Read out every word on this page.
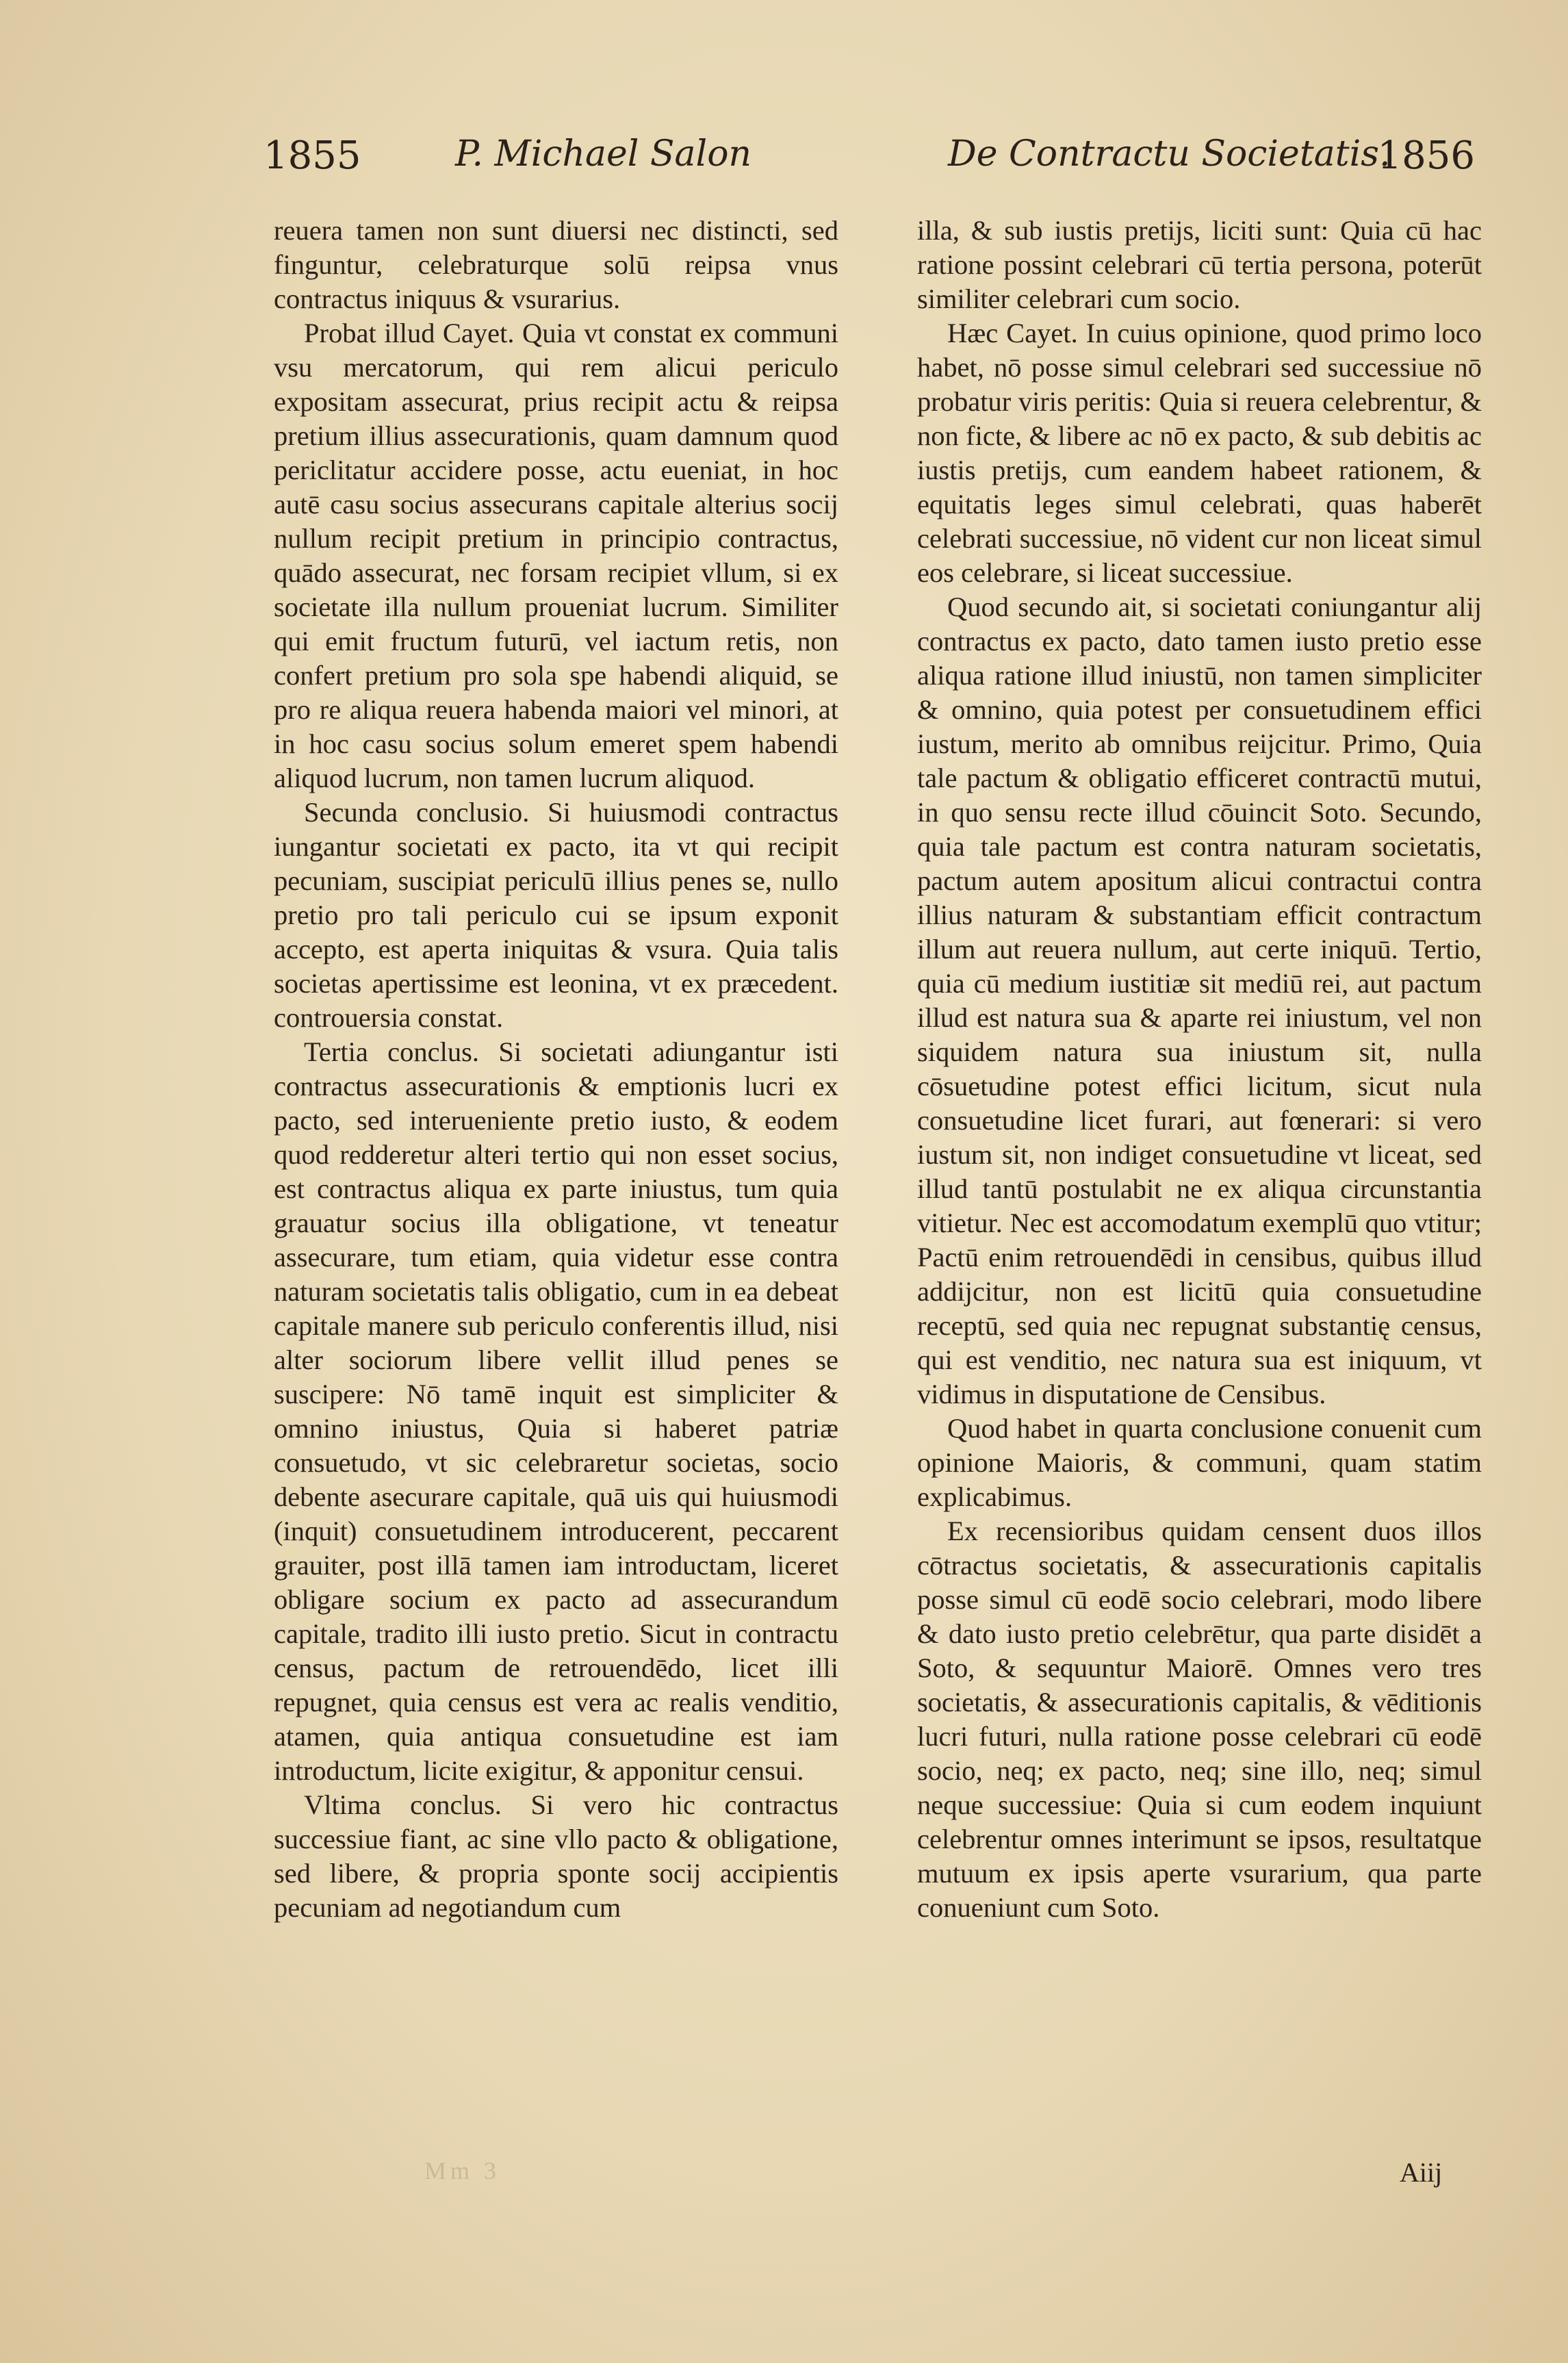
1855	P. Michael Salon	De Contractu Societatis.
1856

reuera tamen non sunt diuersi nec distincti, sed finguntur, celebraturque solū reipsa vnus contractus iniquus & vsurarius.

Probat illud Cayet. Quia vt constat ex communi vsu mercatorum, qui rem alicui periculo expositam assecurat, prius recipit actu & reipsa pretium illius assecurationis, quam damnum quod periclitatur accidere posse, actu eueniat, in hoc autē casu socius assecurans capitale alterius socij nullum recipit pretium in principio contractus, quādo assecurat, nec forsam recipiet vllum, si ex societate illa nullum proueniat lucrum. Similiter qui emit fructum futurū, vel iactum retis, non confert pretium pro sola spe habendi aliquid, se pro re aliqua reuera habenda maiori vel minori, at in hoc casu socius solum emeret spem habendi aliquod lucrum, non tamen lucrum aliquod.

Secunda conclusio. Si huiusmodi contractus iungantur societati ex pacto, ita vt qui recipit pecuniam, suscipiat periculū illius penes se, nullo pretio pro tali periculo cui se ipsum exponit accepto, est aperta iniquitas & vsura. Quia talis societas apertissime est leonina, vt ex præcedent. controuersia constat.

Tertia conclus. Si societati adiungantur isti contractus assecurationis & emptionis lucri ex pacto, sed interueniente pretio iusto, & eodem quod redderetur alteri tertio qui non esset socius, est contractus aliqua ex parte iniustus, tum quia grauatur socius illa obligatione, vt teneatur assecurare, tum etiam, quia videtur esse contra naturam societatis talis obligatio, cum in ea debeat capitale manere sub periculo conferentis illud, nisi alter sociorum libere vellit illud penes se suscipere: Nō tamē inquit est simpliciter & omnino iniustus, Quia si haberet patriæ consuetudo, vt sic celebraretur societas, socio debente asecurare capitale, quā uis qui huiusmodi (inquit) consuetudinem introducerent, peccarent grauiter, post illā tamen iam introductam, liceret obligare socium ex pacto ad assecurandum capitale, tradito illi iusto pretio. Sicut in contractu census, pactum de retrouendēdo, licet illi repugnet, quia census est vera ac realis venditio, atamen, quia antiqua consuetudine est iam introductum, licite exigitur, & apponitur censui.

Vltima conclus. Si vero hic contractus successiue fiant, ac sine vllo pacto & obligatione, sed libere, & propria sponte socij accipientis pecuniam ad negotiandum cum

illa, & sub iustis pretijs, liciti sunt: Quia cū hac ratione possint celebrari cū tertia persona, poterūt similiter celebrari cum socio.

Hæc Cayet. In cuius opinione, quod primo loco habet, nō posse simul celebrari sed successiue nō probatur viris peritis: Quia si reuera celebrentur, & non ficte, & libere ac nō ex pacto, & sub debitis ac iustis pretijs, cum eandem habeet rationem, & equitatis leges simul celebrati, quas haberēt celebrati successiue, nō vident cur non liceat simul eos celebrare, si liceat successiue.

Quod secundo ait, si societati coniungantur alij contractus ex pacto, dato tamen iusto pretio esse aliqua ratione illud iniustū, non tamen simpliciter & omnino, quia potest per consuetudinem effici iustum, merito ab omnibus reijcitur. Primo, Quia tale pactum & obligatio efficeret contractū mutui, in quo sensu recte illud cōuincit Soto. Secundo, quia tale pactum est contra naturam societatis, pactum autem apositum alicui contractui contra illius naturam & substantiam efficit contractum illum aut reuera nullum, aut certe iniquū. Tertio, quia cū medium iustitiæ sit mediū rei, aut pactum illud est natura sua & aparte rei iniustum, vel non siquidem natura sua iniustum sit, nulla cōsuetudine potest effici licitum, sicut nula consuetudine licet furari, aut fœnerari: si vero iustum sit, non indiget consuetudine vt liceat, sed illud tantū postulabit ne ex aliqua circunstantia vitietur. Nec est accomodatum exemplū quo vtitur; Pactū enim retrouendēdi in censibus, quibus illud addijcitur, non est licitū quia consuetudine receptū, sed quia nec repugnat substantię census, qui est venditio, nec natura sua est iniquum, vt vidimus in disputatione de Censibus.

Quod habet in quarta conclusione conuenit cum opinione Maioris, & communi, quam statim explicabimus.

Ex recensioribus quidam censent duos illos cōtractus societatis, & assecurationis capitalis posse simul cū eodē socio celebrari, modo libere & dato iusto pretio celebrētur, qua parte disidēt a Soto, & sequuntur Maiorē. Omnes vero tres societatis, & assecurationis capitalis, & vēditionis lucri futuri, nulla ratione posse celebrari cū eodē socio, neq; ex pacto, neq; sine illo, neq; simul neque successiue: Quia si cum eodem inquiunt celebrentur omnes interimunt se ipsos, resultatque mutuum ex ipsis aperte vsurarium, qua parte conueniunt cum Soto.

Mm 3	Aiij
